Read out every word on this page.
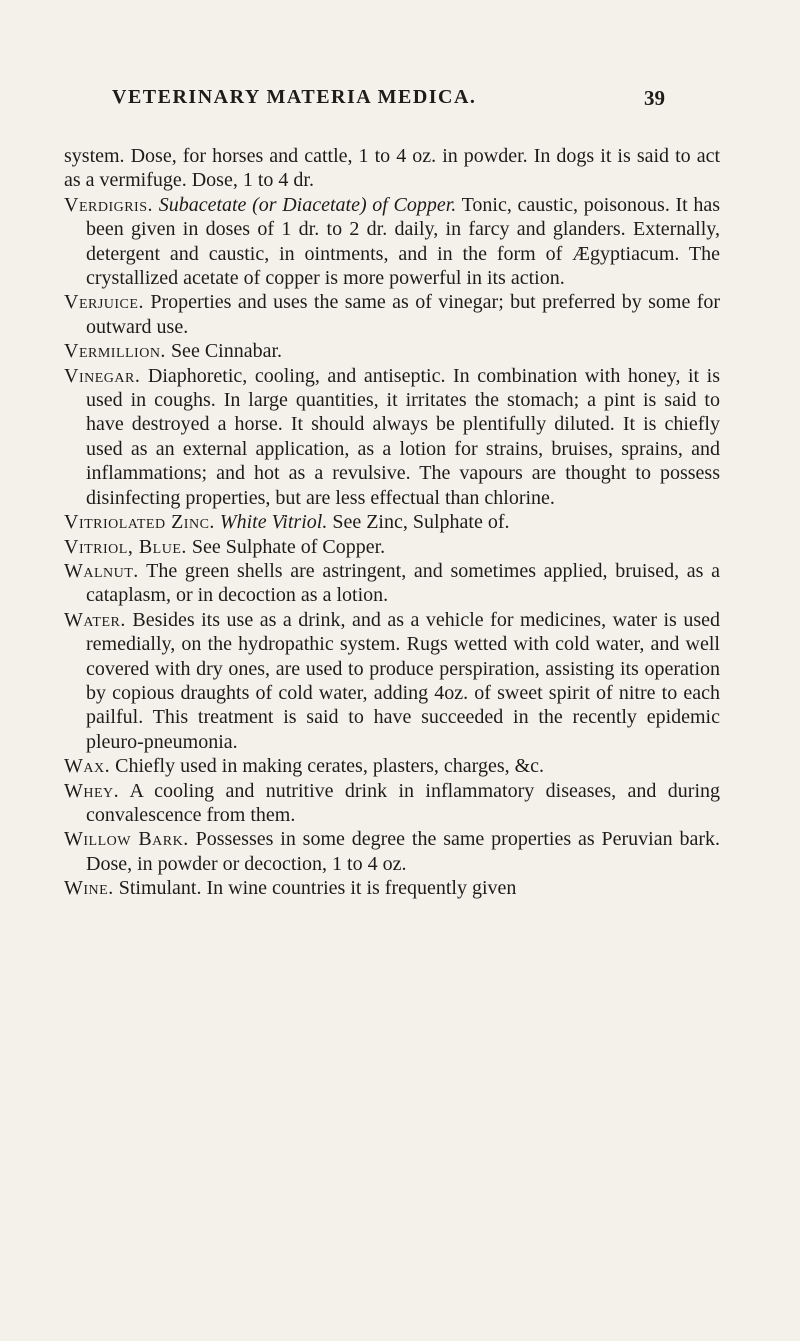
VETERINARY MATERIA MEDICA.	39

system. Dose, for horses and cattle, 1 to 4 oz. in powder. In dogs it is said to act as a vermifuge. Dose, 1 to 4 dr.

Verdigris. Subacetate (or Diacetate) of Copper. Tonic, caustic, poisonous. It has been given in doses of 1 dr. to 2 dr. daily, in farcy and glanders. Externally, detergent and caustic, in ointments, and in the form of Ægyptiacum. The crystallized acetate of copper is more powerful in its action.

Verjuice. Properties and uses the same as of vinegar; but preferred by some for outward use.

Vermillion. See Cinnabar.

Vinegar. Diaphoretic, cooling, and antiseptic. In combination with honey, it is used in coughs. In large quantities, it irritates the stomach; a pint is said to have destroyed a horse. It should always be plentifully diluted. It is chiefly used as an external application, as a lotion for strains, bruises, sprains, and inflammations; and hot as a revulsive. The vapours are thought to possess disinfecting properties, but are less effectual than chlorine.

Vitriolated Zinc. White Vitriol. See Zinc, Sulphate of.

Vitriol, Blue. See Sulphate of Copper.

Walnut. The green shells are astringent, and sometimes applied, bruised, as a cataplasm, or in decoction as a lotion.

Water. Besides its use as a drink, and as a vehicle for medicines, water is used remedially, on the hydropathic system. Rugs wetted with cold water, and well covered with dry ones, are used to produce perspiration, assisting its operation by copious draughts of cold water, adding 4oz. of sweet spirit of nitre to each pailful. This treatment is said to have succeeded in the recently epidemic pleuro-pneumonia.

Wax. Chiefly used in making cerates, plasters, charges, &c.

Whey. A cooling and nutritive drink in inflammatory diseases, and during convalescence from them.

Willow Bark. Possesses in some degree the same properties as Peruvian bark. Dose, in powder or decoction, 1 to 4 oz.

Wine. Stimulant. In wine countries it is frequently given
